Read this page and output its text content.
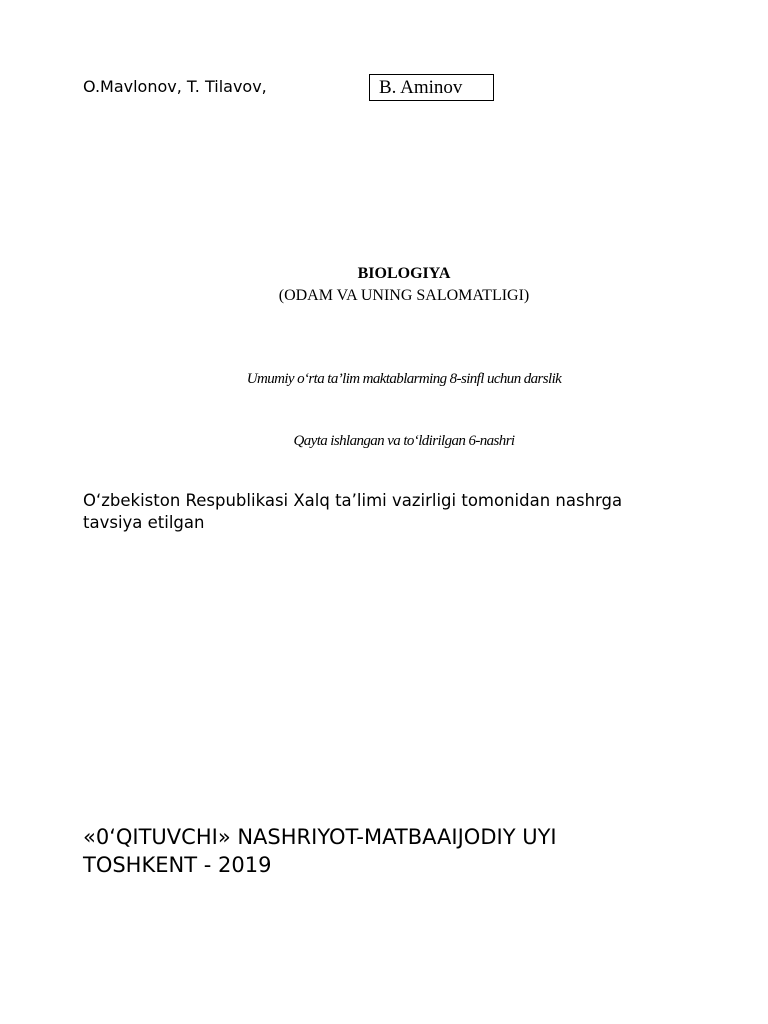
O.Mavlonov, T. Tilavov,	B. Aminov
BIOLOGIYA
(ODAM VA UNING SALOMATLIGI)
Umumiy o‘rta ta’lim maktablarming 8-sinfl uchun darslik
Qayta ishlangan va to‘ldirilgan 6-nashri
O‘zbekiston Respublikasi Xalq ta’limi vazirligi tomonidan nashrga tavsiya etilgan
«0‘QITUVCHI» NASHRIYOT-MATBAAIJODIY UYI
TOSHKENT - 2019
